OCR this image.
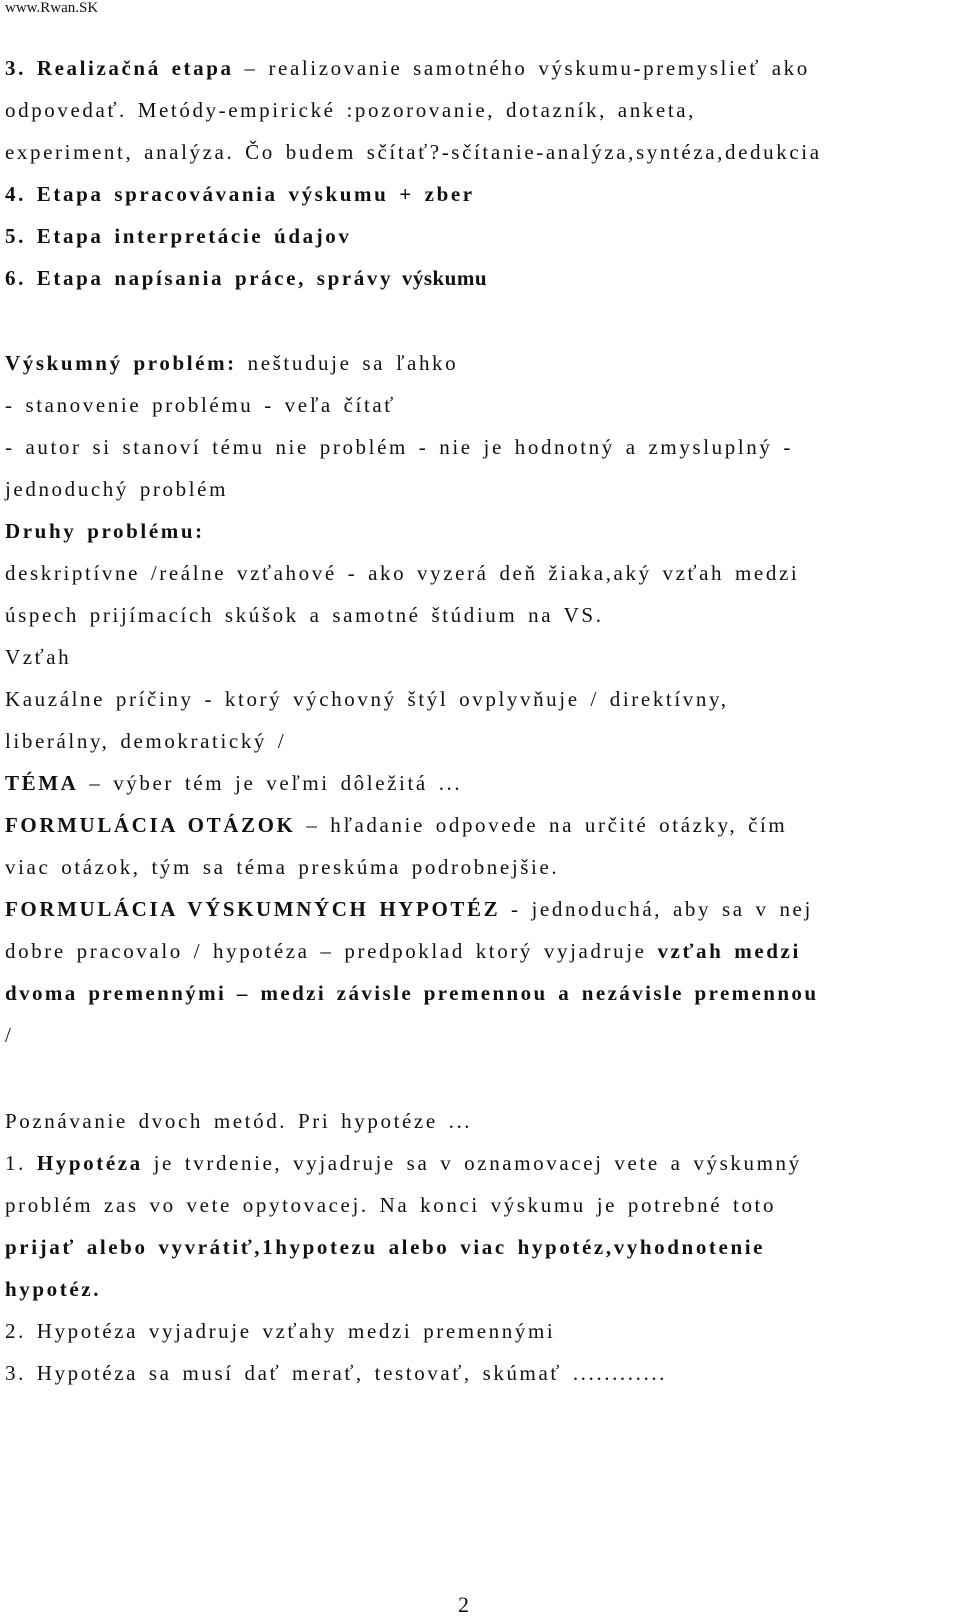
www.Rwan.SK
3. Realizačná etapa – realizovanie samotného výskumu-premyslieť ako
odpovedať. Metódy-empirické :pozorovanie, dotazník, anketa,
experiment, analýza. Čo budem sčítať?-sčítanie-analýza,syntéza,dedukcia
4. Etapa spracovávania výskumu + zber
5. Etapa interpretácie údajov
6. Etapa napísania práce, správy výskumu
Výskumný problém: neštuduje sa ľahko
- stanovenie problému - veľa čítať
- autor si stanoví tému nie problém - nie je hodnotný a zmysluplný -
jednoduchý problém
Druhy problému:
deskriptívne /reálne vzťahové - ako vyzerá deň žiaka,aký vzťah medzi
úspech prijímacích skúšok a samotné štúdium na VS.
Vzťah
Kauzálne príčiny - ktorý výchovný štýl ovplyvňuje / direktívny,
liberálny, demokratický /
TÉMA – výber tém je veľmi dôležitá ...
FORMULÁCIA OTÁZOK – hľadanie odpovede na určité otázky, čím
viac otázok, tým sa téma preskúma podrobnejšie.
FORMULÁCIA VÝSKUMNÝCH HYPOTÉZ - jednoduchá, aby sa v nej
dobre pracovalo / hypotéza – predpoklad ktorý vyjadruje vzťah medzi
dvoma premennými – medzi závisle premennou a nezávisle premennou
/
Poznávanie dvoch metód. Pri hypotéze ...
1. Hypotéza je tvrdenie, vyjadruje sa v oznamovacej vete a výskumný
problém zas vo vete opytovacej. Na konci výskumu je potrebné toto
prijať alebo vyvrátiť,1hypotezu alebo viac hypotéz,vyhodnotenie
hypotéz.
2. Hypotéza vyjadruje vzťahy medzi premennými
3. Hypotéza sa musí dať merať, testovať, skúmať ............
2
